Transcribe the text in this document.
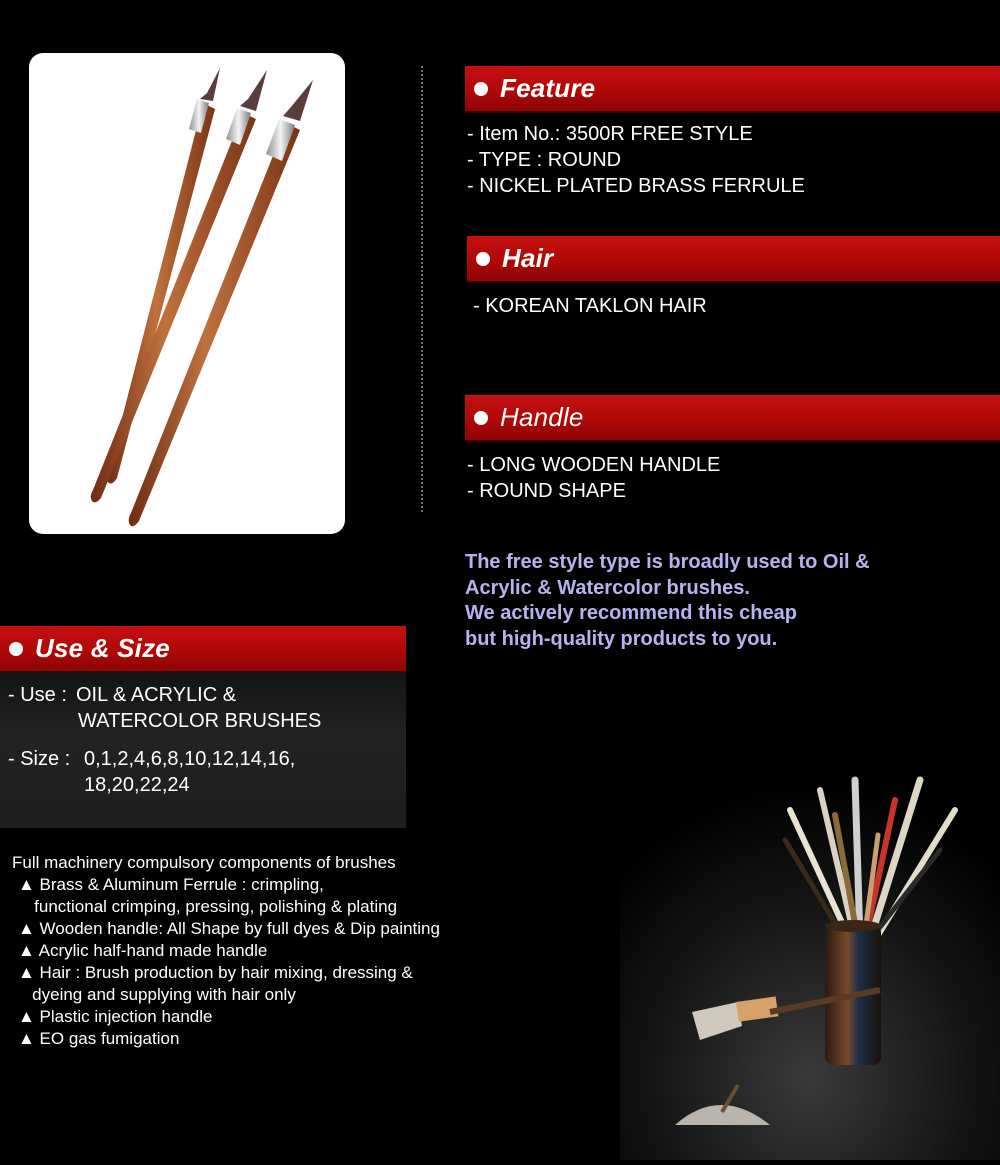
Feature
- Item No.: 3500R FREE STYLE
- TYPE : ROUND
- NICKEL PLATED BRASS FERRULE
Hair
- KOREAN TAKLON HAIR
Handle
- LONG WOODEN HANDLE
- ROUND SHAPE
The free style type is broadly used to Oil &
Acrylic & Watercolor brushes.
We actively recommend this cheap
but high-quality products to you.
Use & Size
- Use : OIL & ACRYLIC &
WATERCOLOR BRUSHES
- Size : 0,1,2,4,6,8,10,12,14,16,
18,20,22,24
Full machinery compulsory components of brushes
▲ Brass & Aluminum Ferrule : crimpling,
functional crimping, pressing, polishing & plating
▲ Wooden handle: All Shape by full dyes & Dip painting
▲ Acrylic half-hand made handle
▲ Hair : Brush production by hair mixing, dressing &
dyeing and supplying with hair only
▲ Plastic injection handle
▲ EO gas fumigation
